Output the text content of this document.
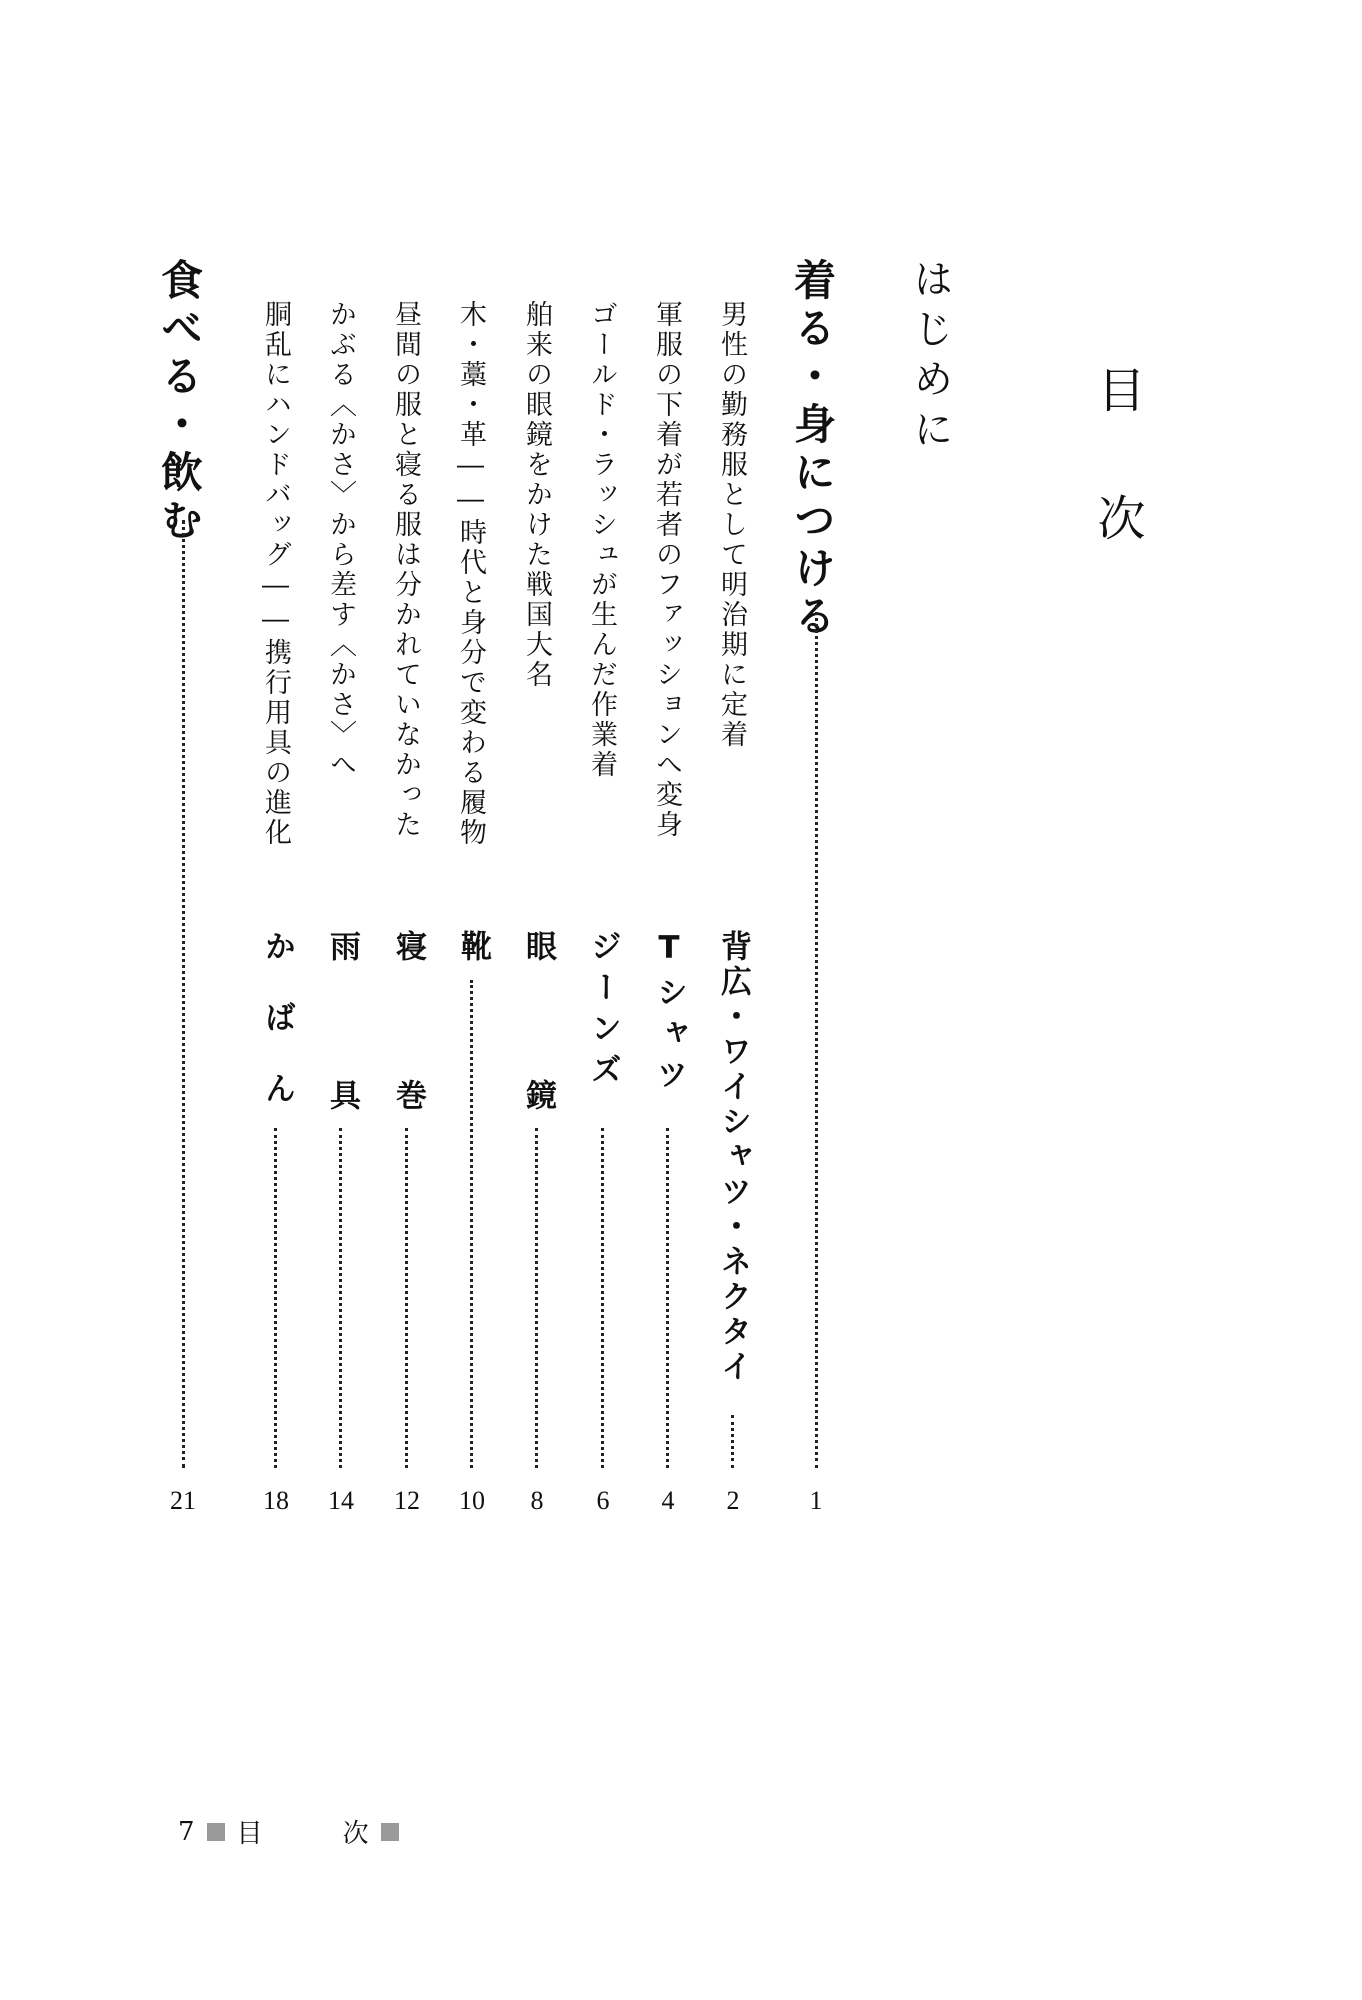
目次
はじめに
着る・身につける
1
男性の勤務服として明治期に定着
背広・ワイシャツ・ネクタイ
2
軍服の下着が若者のファッションへ変身
Tシャツ
4
ゴールド・ラッシュが生んだ作業着
ジーンズ
6
舶来の眼鏡をかけた戦国大名
眼鏡
8
木・藁・革――時代と身分で変わる履物
靴
10
昼間の服と寝る服は分かれていなかった
寝巻
12
かぶる〈かさ〉から差す〈かさ〉へ
雨具
14
胴乱にハンドバッグ――携行用具の進化
かばん
18
食べる・飲む
21
7 目	次
